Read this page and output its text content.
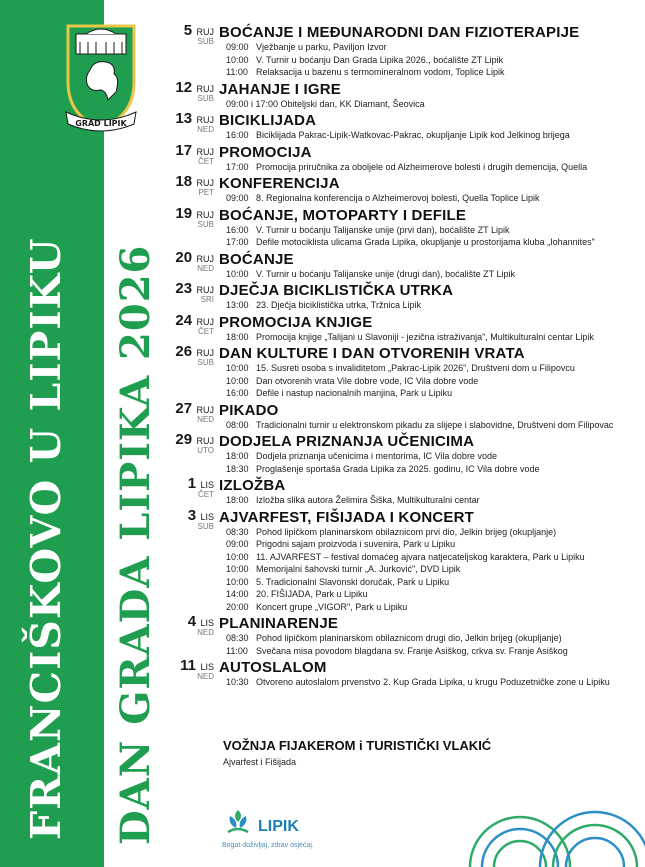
FRANCIŠKOVO U LIPIKU DAN GRADA LIPIKA 2026
GRAD LIPIK
5 RUJ
SUB
BOĆANJE I MEĐUNARODNI DAN FIZIOTERAPIJE
09:00 Vježbanje u parku, Paviljon Izvor
10:00 V. Turnir u boćanju Dan Grada Lipika 2026., boćalište ZT Lipik
11:00 Relaksacija u bazenu s termomineralnom vodom, Toplice Lipik
12 RUJ
SUB
JAHANJE I IGRE
09:00 i 17:00 Obiteljski dan, KK Diamant, Šeovica
13 RUJ
NED
BICIKLIJADA
16:00 Biciklijada Pakrac-Lipik-Watkovac-Pakrac, okupljanje Lipik kod Jelkinog brijega
17 RUJ
ČET
PROMOCIJA
17:00 Promocija priručnika za oboljele od Alzheimerove bolesti i drugih demencija, Quella
18 RUJ
PET
KONFERENCIJA
09:00 8. Regionalna konferencija o Alzheimerovoj bolesti, Quella Toplice Lipik
19 RUJ
SUB
BOĆANJE, MOTOPARTY I DEFILE
16:00 V. Turnir u boćanju Talijanske unije (prvi dan), boćalište ZT Lipik
17:00 Defile motociklista ulicama Grada Lipika, okupljanje u prostorijama kluba „Iohannites"
20 RUJ
NED
BOĆANJE
10:00 V. Turnir u boćanju Talijanske unije (drugi dan), boćalište ZT Lipik
23 RUJ
SRI
DJEČJA BICIKLISTIČKA UTRKA
13:00 23. Dječja biciklistička utrka, Tržnica Lipik
24 RUJ
ČET
PROMOCIJA KNJIGE
18:00 Promocija knjige „Talijani u Slavoniji - jezična istraživanja", Multikulturalni centar Lipik
26 RUJ
SUB
DAN KULTURE I DAN OTVORENIH VRATA
10:00 15. Susreti osoba s invaliditetom „Pakrac-Lipik 2026", Društveni dom u Filipovcu
10:00 Dan otvorenih vrata Vile dobre vode, IC Vila dobre vode
16:00 Defile i nastup nacionalnih manjina, Park u Lipiku
27 RUJ
NED
PIKADO
08:00 Tradicionalni turnir u elektronskom pikadu za slijepe i slabovidne, Društveni dom Filipovac
29 RUJ
UTO
DODJELA PRIZNANJA UČENICIMA
18:00 Dodjela priznanja učenicima i mentorima, IC Vila dobre vode
18:30 Proglašenje sportaša Grada Lipika za 2025. godinu, IC Vila dobre vode
1 LIS
ČET
IZLOŽBA
18:00 Izložba slika autora Želimira Šiška, Multikulturalni centar
3 LIS
SUB
AJVARFEST, FIŠIJADA I KONCERT
08:30 Pohod lipičkom planinarskom obilaznicom prvi dio, Jelkin brijeg (okupljanje)
09:00 Prigodni sajam proizvoda i suvenira, Park u Lipiku
10:00 11. AJVARFEST – festival domaćeg ajvara natjecateljskog karaktera, Park u Lipiku
10:00 Memorijalni šahovski turnir „A. Jurković", DVD Lipik
10:00 5. Tradicionalni Slavonski doručak, Park u Lipiku
14:00 20. FIŠIJADA, Park u Lipiku
20:00 Koncert grupe „VIGOR", Park u Lipiku
4 LIS
NED
PLANINARENJE
08:30 Pohod lipičkom planinarskom obilaznicom drugi dio, Jelkin brijeg (okupljanje)
11:00 Svečana misa povodom blagdana sv. Franje Asiškog, crkva sv. Franje Asiškog
11 LIS
NED
AUTOSLALOM
10:30 Otvoreno autoslalom prvenstvo 2. Kup Grada Lipika, u krugu Poduzetničke zone u Lipiku
VOŽNJA FIJAKEROM i TURISTIČKI VLAKIĆ
Ajvarfest i Fišijada
LIPIK
Bogat doživljaj, zdrav osjećaj.
